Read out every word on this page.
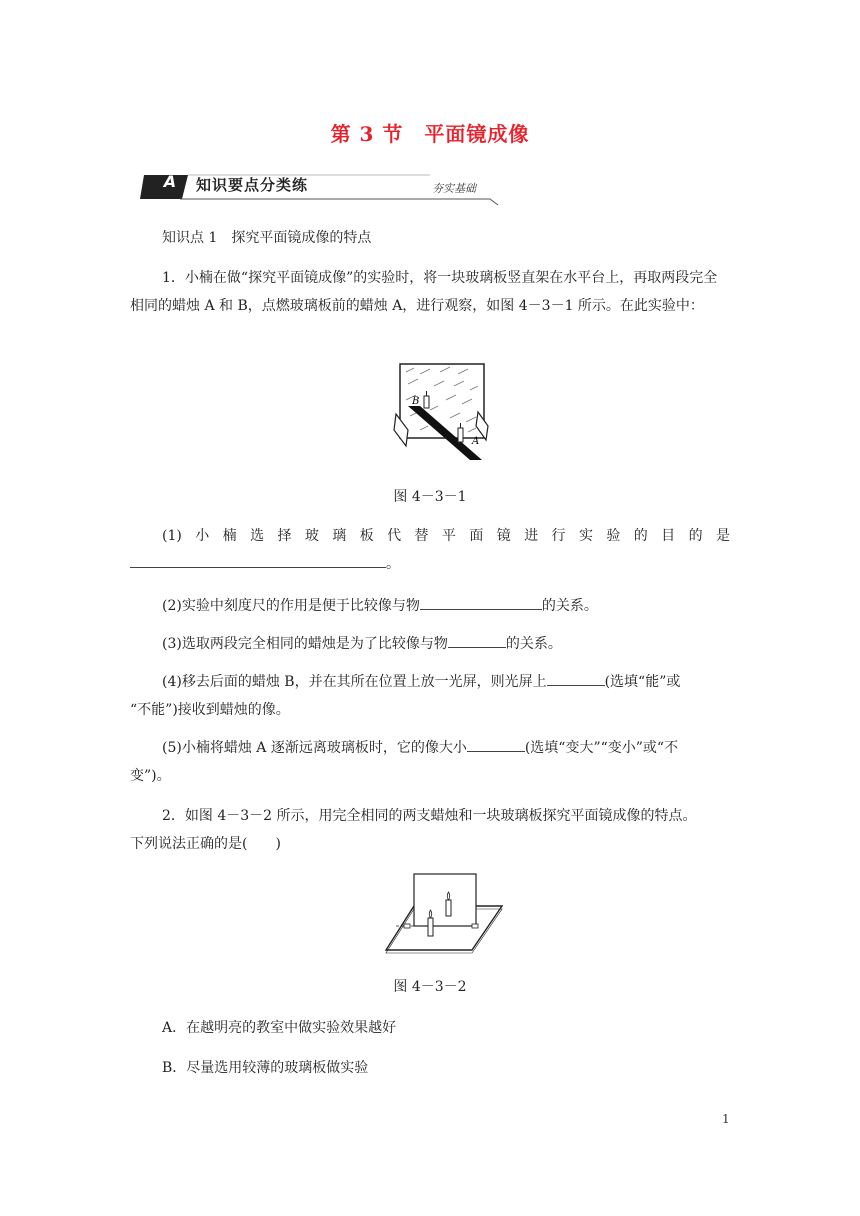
第 3 节　平面镜成像
A	知识要点分类练	夯实基础
知识点 1　探究平面镜成像的特点
1．小楠在做“探究平面镜成像”的实验时，将一块玻璃板竖直架在水平台上，再取两段完全相同的蜡烛 A 和 B，点燃玻璃板前的蜡烛 A，进行观察，如图 4－3－1 所示。在此实验中：
B
A
图 4－3－1
(1) 小 楠 选 择 玻 璃 板 代 替 平 面 镜 进 行 实 验 的 目 的 是
。
(2)实验中刻度尺的作用是便于比较像与物	的关系。
(3)选取两段完全相同的蜡烛是为了比较像与物	的关系。
(4)移去后面的蜡烛 B，并在其所在位置上放一光屏，则光屏上	(选填“能”或
“不能”)接收到蜡烛的像。
(5)小楠将蜡烛 A 逐渐远离玻璃板时，它的像大小	(选填“变大”“变小”或“不
变”)。
2．如图 4－3－2 所示，用完全相同的两支蜡烛和一块玻璃板探究平面镜成像的特点。
下列说法正确的是(　　)
图 4－3－2
A．在越明亮的教室中做实验效果越好
B．尽量选用较薄的玻璃板做实验
1
